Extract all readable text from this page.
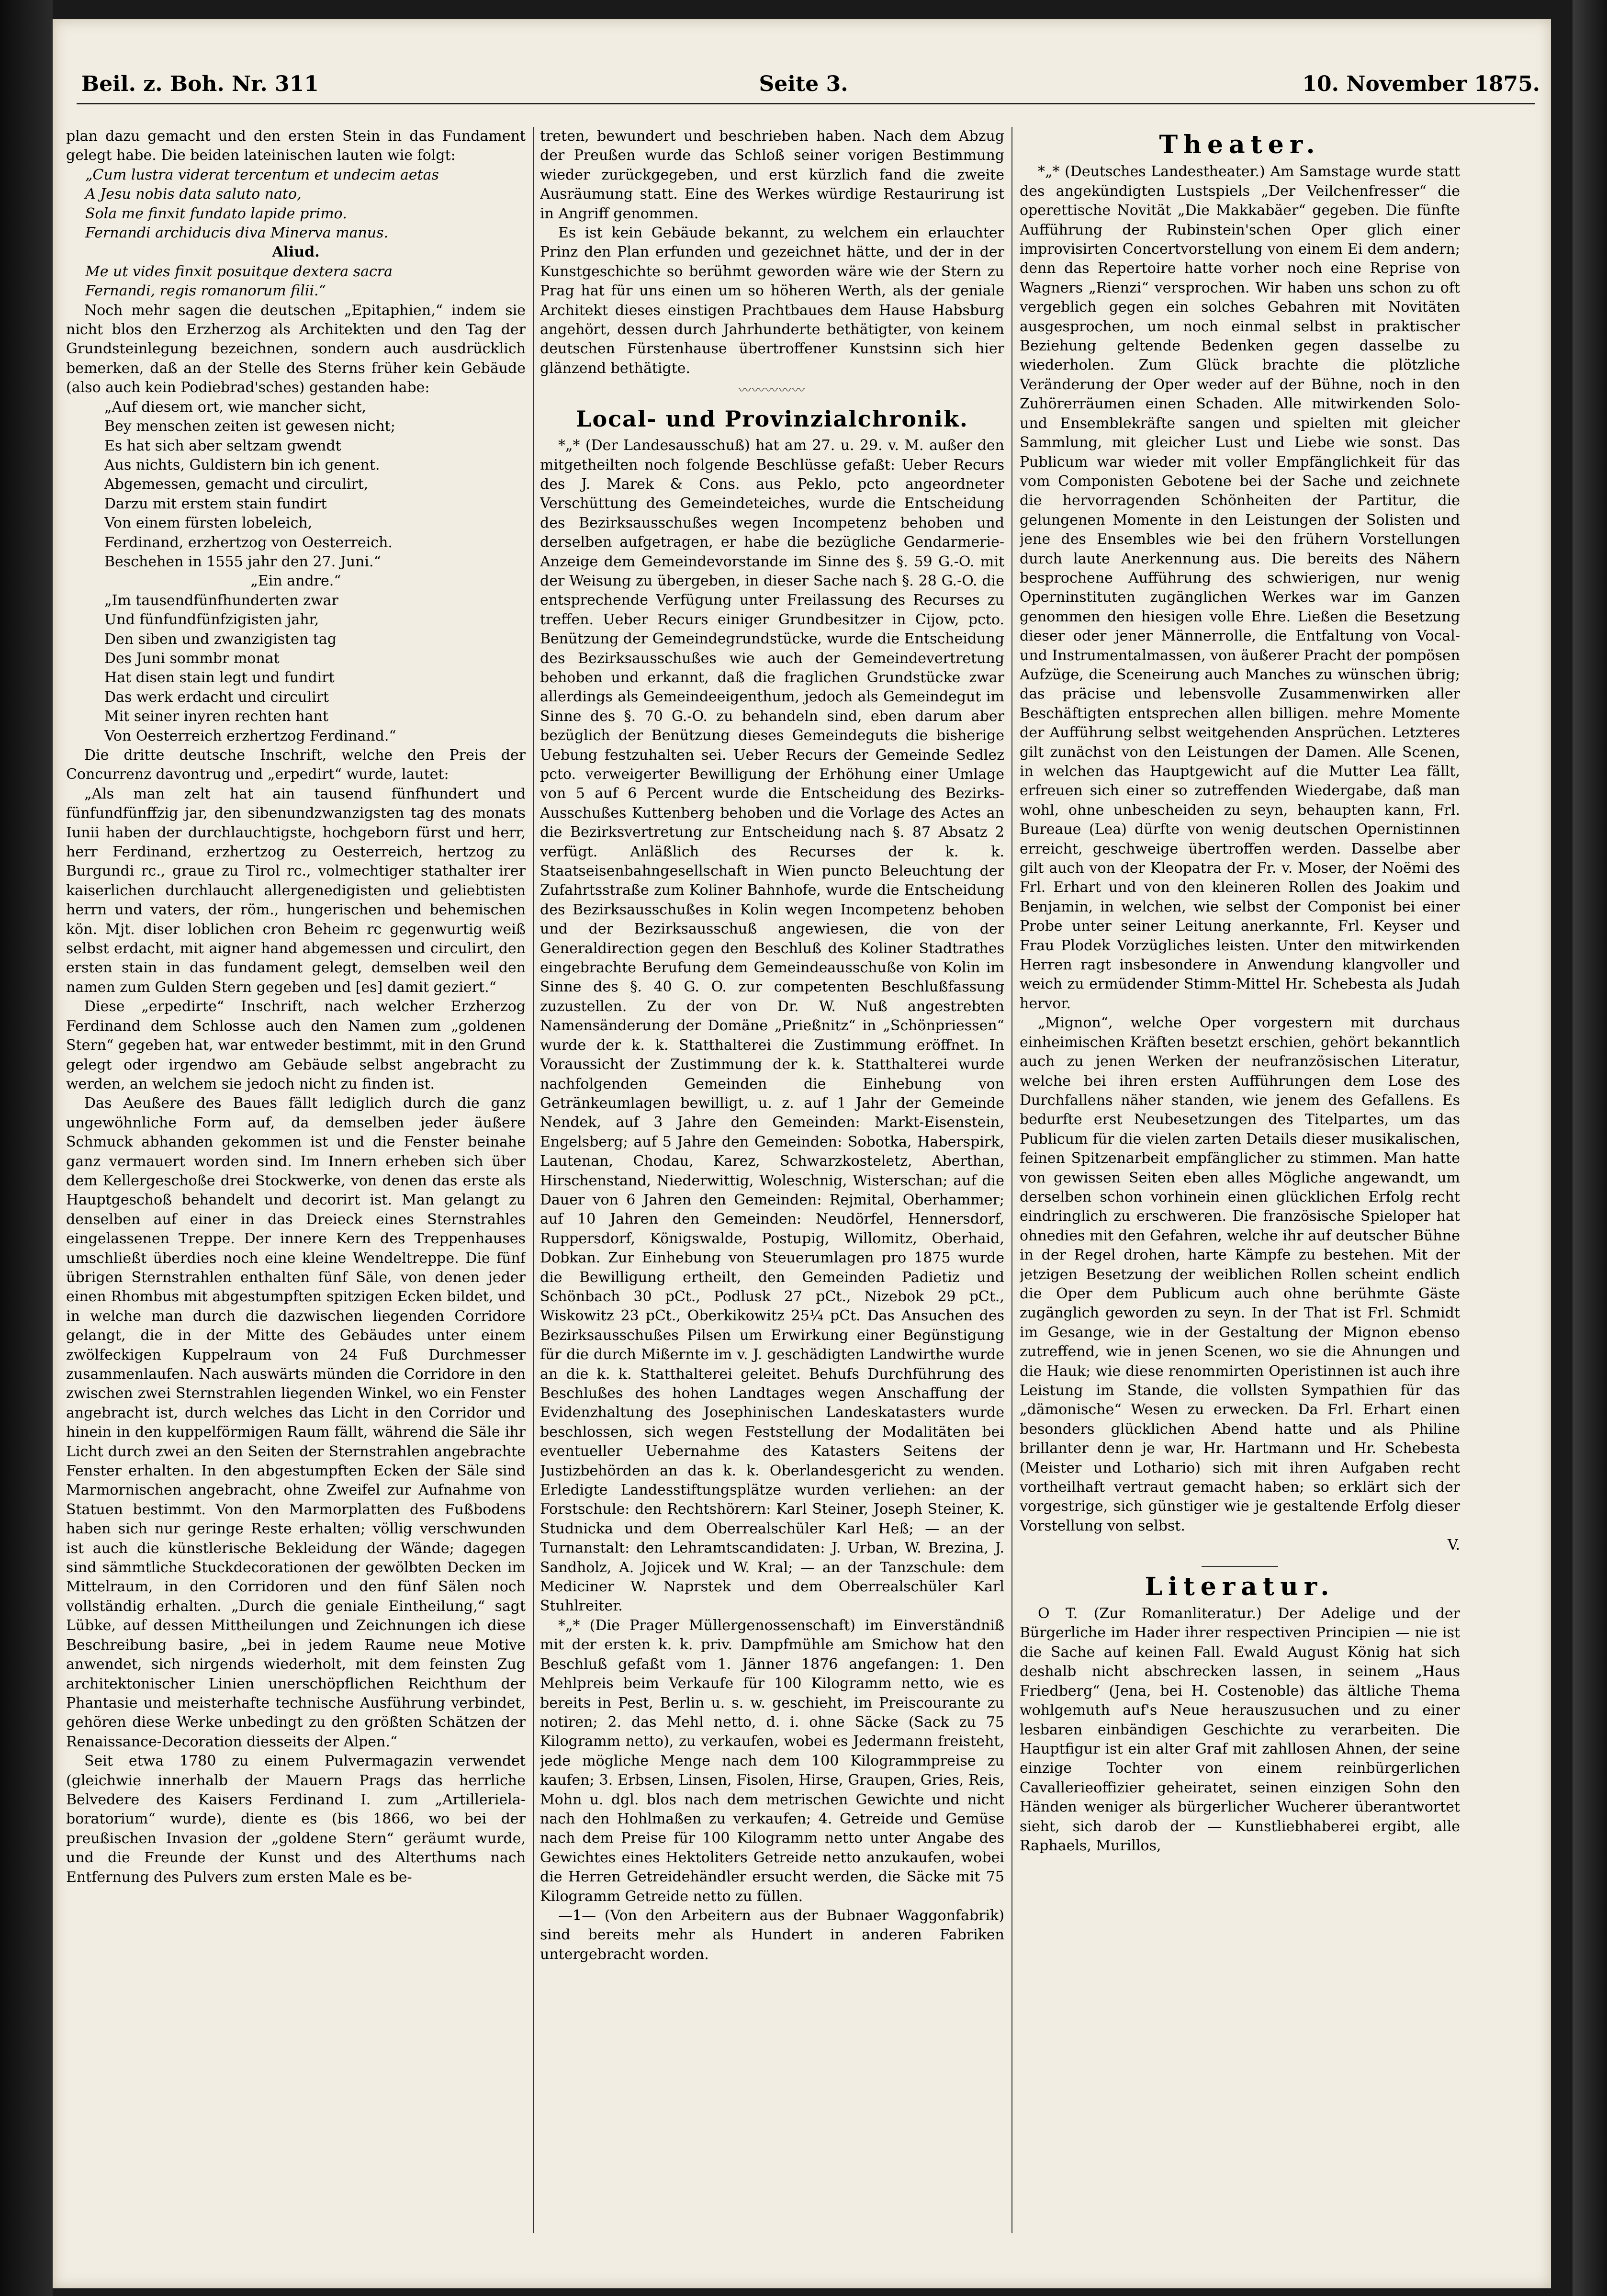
Beil. z. Boh. Nr. 311	Seite 3.	10. November 1875.

plan dazu gemacht und den ersten Stein in das Fundament gelegt habe. Die beiden lateinischen lauten wie folgt:

„Cum lustra viderat tercentum et undecim aetas

A Jesu nobis data saluto nato,

Sola me finxit fundato lapide primo.

Fernandi archiducis diva Minerva manus.

Aliud.

Me ut vides finxit posuitque dextera sacra

Fernandi, regis romanorum filii.“

Noch mehr sagen die deutschen „Epitaphien,“ indem sie nicht blos den Erzherzog als Architekten und den Tag der Grundsteinlegung bezeichnen, sondern auch ausdrücklich bemerken, daß an der Stelle des Sterns früher kein Gebäude (also auch kein Podiebrad'sches) gestanden habe:

„Auf diesem ort, wie mancher sicht,

Bey menschen zeiten ist gewesen nicht;

Es hat sich aber seltzam gwendt

Aus nichts, Guldistern bin ich genent.

Abgemessen, gemacht und circulirt,

Darzu mit erstem stain fundirt

Von einem fürsten lobeleich,

Ferdinand, erzhertzog von Oesterreich.

Beschehen in 1555 jahr den 27. Juni.“

„Ein andre.“

„Im tausendfünfhunderten zwar

Und fünfundfünfzigisten jahr,

Den siben und zwanzigisten tag

Des Juni sommbr monat

Hat disen stain legt und fundirt

Das werk erdacht und circulirt

Mit seiner inyren rechten hant

Von Oesterreich erzhertzog Ferdinand.“

Die dritte deutsche Inschrift, welche den Preis der Concurrenz davontrug und „erpedirt“ wurde, lautet:

„Als man zelt hat ain tausend fünfhundert und fünfundfünffzig jar, den sibenundzwanzigsten tag des monats Iunii haben der durchlauchtigste, hochgeborn fürst und herr, herr Ferdinand, erzhertzog zu Oesterreich, hertzog zu Burgundi rc., graue zu Tirol rc., volmechtiger stathalter irer kaiserlichen durchlaucht allergenedigisten und geliebtisten herrn und vaters, der röm., hungerischen und behemischen kön. Mjt. diser loblichen cron Beheim rc gegenwurtig weiß selbst erdacht, mit aigner hand abgemessen und circulirt, den ersten stain in das fundament gelegt, demselben weil den namen zum Gulden Stern gegeben und [es] damit geziert.“

Diese „erpedirte“ Inschrift, nach welcher Erzherzog Ferdinand dem Schlosse auch den Namen zum „goldenen Stern“ gegeben hat, war entweder bestimmt, mit in den Grund gelegt oder irgendwo am Gebäude selbst angebracht zu werden, an welchem sie jedoch nicht zu finden ist.

Das Aeußere des Baues fällt lediglich durch die ganz ungewöhnliche Form auf, da demselben jeder äußere Schmuck abhanden gekommen ist und die Fenster beinahe ganz vermauert worden sind. Im Innern erheben sich über dem Kellergeschoße drei Stockwerke, von denen das erste als Hauptgeschoß behandelt und decorirt ist. Man gelangt zu denselben auf einer in das Dreieck eines Sternstrahles eingelassenen Treppe. Der innere Kern des Treppenhauses umschließt überdies noch eine kleine Wendeltreppe. Die fünf übrigen Sternstrahlen enthalten fünf Säle, von denen jeder einen Rhombus mit abgestumpften spitzigen Ecken bildet, und in welche man durch die dazwischen liegenden Corridore gelangt, die in der Mitte des Gebäudes unter einem zwölfeckigen Kuppelraum von 24 Fuß Durchmesser zusammenlaufen. Nach auswärts münden die Corridore in den zwischen zwei Sternstrahlen liegenden Winkel, wo ein Fenster angebracht ist, durch welches das Licht in den Corridor und hinein in den kuppelförmigen Raum fällt, während die Säle ihr Licht durch zwei an den Seiten der Sternstrahlen angebrachte Fenster erhalten. In den abgestumpften Ecken der Säle sind Marmornischen angebracht, ohne Zweifel zur Aufnahme von Statuen bestimmt. Von den Marmorplatten des Fußbodens haben sich nur geringe Reste erhalten; völlig verschwunden ist auch die künstlerische Bekleidung der Wände; dagegen sind sämmtliche Stuckdecorationen der gewölbten Decken im Mittelraum, in den Corridoren und den fünf Sälen noch vollständig erhalten. „Durch die geniale Eintheilung,“ sagt Lübke, auf dessen Mittheilungen und Zeichnungen ich diese Beschreibung basire, „bei in jedem Raume neue Motive anwendet, sich nirgends wiederholt, mit dem feinsten Zug architektonischer Linien unerschöpflichen Reichthum der Phantasie und meisterhafte technische Ausführung verbindet, gehören diese Werke unbedingt zu den größten Schätzen der Renaissance-Decoration diesseits der Alpen.“

Seit etwa 1780 zu einem Pulvermagazin verwendet (gleichwie innerhalb der Mauern Prags das herrliche Belvedere des Kaisers Ferdinand I. zum „Artilleriela-boratorium“ wurde), diente es (bis 1866, wo bei der preußischen Invasion der „goldene Stern“ geräumt wurde, und die Freunde der Kunst und des Alterthums nach Entfernung des Pulvers zum ersten Male es be-

treten, bewundert und beschrieben haben. Nach dem Abzug der Preußen wurde das Schloß seiner vorigen Bestimmung wieder zurückgegeben, und erst kürzlich fand die zweite Ausräumung statt. Eine des Werkes würdige Restaurirung ist in Angriff genommen.

Es ist kein Gebäude bekannt, zu welchem ein erlauchter Prinz den Plan erfunden und gezeichnet hätte, und der in der Kunstgeschichte so berühmt geworden wäre wie der Stern zu Prag hat für uns einen um so höheren Werth, als der geniale Architekt dieses einstigen Prachtbaues dem Hause Habsburg angehört, dessen durch Jahrhunderte bethätigter, von keinem deutschen Fürstenhause übertroffener Kunstsinn sich hier glänzend bethätigte.

〰〰〰〰〰
Local- und Provinzialchronik.

*„* (Der Landesausschuß) hat am 27. u. 29. v. M. außer den mitgetheilten noch folgende Beschlüsse gefaßt: Ueber Recurs des J. Marek & Cons. aus Peklo, pcto angeordneter Verschüttung des Gemeindeteiches, wurde die Entscheidung des Bezirksausschußes wegen Incompetenz behoben und derselben aufgetragen, er habe die bezügliche Gendarmerie-Anzeige dem Gemeindevorstande im Sinne des §. 59 G.-O. mit der Weisung zu übergeben, in dieser Sache nach §. 28 G.-O. die entsprechende Verfügung unter Freilassung des Recurses zu treffen. Ueber Recurs einiger Grundbesitzer in Cijow, pcto. Benützung der Gemeindegrundstücke, wurde die Entscheidung des Bezirksausschußes wie auch der Gemeindevertretung behoben und erkannt, daß die fraglichen Grundstücke zwar allerdings als Gemeindeeigenthum, jedoch als Gemeindegut im Sinne des §. 70 G.-O. zu behandeln sind, eben darum aber bezüglich der Benützung dieses Gemeindeguts die bisherige Uebung festzuhalten sei. Ueber Recurs der Gemeinde Sedlez pcto. verweigerter Bewilligung der Erhöhung einer Umlage von 5 auf 6 Percent wurde die Entscheidung des Bezirks-Ausschußes Kuttenberg behoben und die Vorlage des Actes an die Bezirksvertretung zur Entscheidung nach §. 87 Absatz 2 verfügt. Anläßlich des Recurses der k. k. Staatseisenbahngesellschaft in Wien puncto Beleuchtung der Zufahrtsstraße zum Koliner Bahnhofe, wurde die Entscheidung des Bezirksausschußes in Kolin wegen Incompetenz behoben und der Bezirksausschuß angewiesen, die von der Generaldirection gegen den Beschluß des Koliner Stadtrathes eingebrachte Berufung dem Gemeindeausschuße von Kolin im Sinne des §. 40 G. O. zur competenten Beschlußfassung zuzustellen. Zu der von Dr. W. Nuß angestrebten Namensänderung der Domäne „Prießnitz“ in „Schönpriessen“ wurde der k. k. Statthalterei die Zustimmung eröffnet. In Voraussicht der Zustimmung der k. k. Statthalterei wurde nachfolgenden Gemeinden die Einhebung von Getränkeumlagen bewilligt, u. z. auf 1 Jahr der Gemeinde Nendek, auf 3 Jahre den Gemeinden: Markt-Eisenstein, Engelsberg; auf 5 Jahre den Gemeinden: Sobotka, Haberspirk, Lautenan, Chodau, Karez, Schwarzkosteletz, Aberthan, Hirschenstand, Niederwittig, Woleschnig, Wisterschan; auf die Dauer von 6 Jahren den Gemeinden: Rejmital, Oberhammer; auf 10 Jahren den Gemeinden: Neudörfel, Hennersdorf, Ruppersdorf, Königswalde, Postupig, Willomitz, Oberhaid, Dobkan. Zur Einhebung von Steuerumlagen pro 1875 wurde die Bewilligung ertheilt, den Gemeinden Padietiz und Schönbach 30 pCt., Podlusk 27 pCt., Nizebok 29 pCt., Wiskowitz 23 pCt., Oberkikowitz 25¼ pCt. Das Ansuchen des Bezirksausschußes Pilsen um Erwirkung einer Begünstigung für die durch Mißernte im v. J. geschädigten Landwirthe wurde an die k. k. Statthalterei geleitet. Behufs Durchführung des Beschlußes des hohen Landtages wegen Anschaffung der Evidenzhaltung des Josephinischen Landeskatasters wurde beschlossen, sich wegen Feststellung der Modalitäten bei eventueller Uebernahme des Katasters Seitens der Justizbehörden an das k. k. Oberlandesgericht zu wenden. Erledigte Landesstiftungsplätze wurden verliehen: an der Forstschule: den Rechtshörern: Karl Steiner, Joseph Steiner, K. Studnicka und dem Oberrealschüler Karl Heß; — an der Turnanstalt: den Lehramtscandidaten: J. Urban, W. Brezina, J. Sandholz, A. Jojicek und W. Kral; — an der Tanzschule: dem Mediciner W. Naprstek und dem Oberrealschüler Karl Stuhlreiter.

*„* (Die Prager Müllergenossenschaft) im Einverständniß mit der ersten k. k. priv. Dampfmühle am Smichow hat den Beschluß gefaßt vom 1. Jänner 1876 angefangen: 1. Den Mehlpreis beim Verkaufe für 100 Kilogramm netto, wie es bereits in Pest, Berlin u. s. w. geschieht, im Preiscourante zu notiren; 2. das Mehl netto, d. i. ohne Säcke (Sack zu 75 Kilogramm netto), zu verkaufen, wobei es Jedermann freisteht, jede mögliche Menge nach dem 100 Kilogrammpreise zu kaufen; 3. Erbsen, Linsen, Fisolen, Hirse, Graupen, Gries, Reis, Mohn u. dgl. blos nach dem metrischen Gewichte und nicht nach den Hohlmaßen zu verkaufen; 4. Getreide und Gemüse nach dem Preise für 100 Kilogramm netto unter Angabe des Gewichtes eines Hektoliters Getreide netto anzukaufen, wobei die Herren Getreidehändler ersucht werden, die Säcke mit 75 Kilogramm Getreide netto zu füllen.

—1— (Von den Arbeitern aus der Bubnaer Waggonfabrik) sind bereits mehr als Hundert in anderen Fabriken untergebracht worden.

Theater.

*„* (Deutsches Landestheater.) Am Samstage wurde statt des angekündigten Lustspiels „Der Veilchenfresser“ die operettische Novität „Die Makkabäer“ gegeben. Die fünfte Aufführung der Rubinstein'schen Oper glich einer improvisirten Concertvorstellung von einem Ei dem andern; denn das Repertoire hatte vorher noch eine Reprise von Wagners „Rienzi“ versprochen. Wir haben uns schon zu oft vergeblich gegen ein solches Gebahren mit Novitäten ausgesprochen, um noch einmal selbst in praktischer Beziehung geltende Bedenken gegen dasselbe zu wiederholen. Zum Glück brachte die plötzliche Veränderung der Oper weder auf der Bühne, noch in den Zuhörerräumen einen Schaden. Alle mitwirkenden Solo- und Ensemblekräfte sangen und spielten mit gleicher Sammlung, mit gleicher Lust und Liebe wie sonst. Das Publicum war wieder mit voller Empfänglichkeit für das vom Componisten Gebotene bei der Sache und zeichnete die hervorragenden Schönheiten der Partitur, die gelungenen Momente in den Leistungen der Solisten und jene des Ensembles wie bei den frühern Vorstellungen durch laute Anerkennung aus. Die bereits des Nähern besprochene Aufführung des schwierigen, nur wenig Operninstituten zugänglichen Werkes war im Ganzen genommen den hiesigen volle Ehre. Ließen die Besetzung dieser oder jener Männerrolle, die Entfaltung von Vocal- und Instrumentalmassen, von äußerer Pracht der pompösen Aufzüge, die Sceneirung auch Manches zu wünschen übrig; das präcise und lebensvolle Zusammenwirken aller Beschäftigten entsprechen allen billigen. mehre Momente der Aufführung selbst weitgehenden Ansprüchen. Letzteres gilt zunächst von den Leistungen der Damen. Alle Scenen, in welchen das Hauptgewicht auf die Mutter Lea fällt, erfreuen sich einer so zutreffenden Wiedergabe, daß man wohl, ohne unbescheiden zu seyn, behaupten kann, Frl. Bureaue (Lea) dürfte von wenig deutschen Opernistinnen erreicht, geschweige übertroffen werden. Dasselbe aber gilt auch von der Kleopatra der Fr. v. Moser, der Noëmi des Frl. Erhart und von den kleineren Rollen des Joakim und Benjamin, in welchen, wie selbst der Componist bei einer Probe unter seiner Leitung anerkannte, Frl. Keyser und Frau Plodek Vorzügliches leisten. Unter den mitwirkenden Herren ragt insbesondere in Anwendung klangvoller und weich zu ermüdender Stimm-Mittel Hr. Schebesta als Judah hervor.

„Mignon“, welche Oper vorgestern mit durchaus einheimischen Kräften besetzt erschien, gehört bekanntlich auch zu jenen Werken der neufranzösischen Literatur, welche bei ihren ersten Aufführungen dem Lose des Durchfallens näher standen, wie jenem des Gefallens. Es bedurfte erst Neubesetzungen des Titelpartes, um das Publicum für die vielen zarten Details dieser musikalischen, feinen Spitzenarbeit empfänglicher zu stimmen. Man hatte von gewissen Seiten eben alles Mögliche angewandt, um derselben schon vorhinein einen glücklichen Erfolg recht eindringlich zu erschweren. Die französische Spieloper hat ohnedies mit den Gefahren, welche ihr auf deutscher Bühne in der Regel drohen, harte Kämpfe zu bestehen. Mit der jetzigen Besetzung der weiblichen Rollen scheint endlich die Oper dem Publicum auch ohne berühmte Gäste zugänglich geworden zu seyn. In der That ist Frl. Schmidt im Gesange, wie in der Gestaltung der Mignon ebenso zutreffend, wie in jenen Scenen, wo sie die Ahnungen und die Hauk; wie diese renommirten Operistinnen ist auch ihre Leistung im Stande, die vollsten Sympathien für das „dämonische“ Wesen zu erwecken. Da Frl. Erhart einen besonders glücklichen Abend hatte und als Philine brillanter denn je war, Hr. Hartmann und Hr. Schebesta (Meister und Lothario) sich mit ihren Aufgaben recht vortheilhaft vertraut gemacht haben; so erklärt sich der vorgestrige, sich günstiger wie je gestaltende Erfolg dieser Vorstellung von selbst.

V.

Literatur.

O T. (Zur Romanliteratur.) Der Adelige und der Bürgerliche im Hader ihrer respectiven Principien — nie ist die Sache auf keinen Fall. Ewald August König hat sich deshalb nicht abschrecken lassen, in seinem „Haus Friedberg“ (Jena, bei H. Costenoble) das ältliche Thema wohlgemuth auf's Neue herauszusuchen und zu einer lesbaren einbändigen Geschichte zu verarbeiten. Die Hauptfigur ist ein alter Graf mit zahllosen Ahnen, der seine einzige Tochter von einem reinbürgerlichen Cavallerieoffizier geheiratet, seinen einzigen Sohn den Händen weniger als bürgerlicher Wucherer überantwortet sieht, sich darob der — Kunstliebhaberei ergibt, alle Raphaels, Murillos,
